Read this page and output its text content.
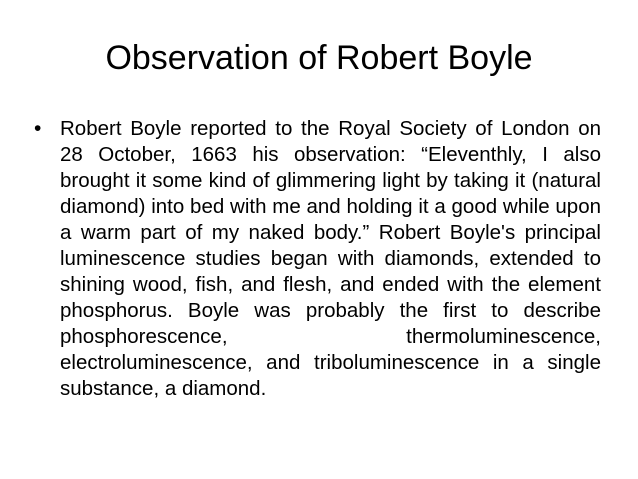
Observation of Robert Boyle
• Robert Boyle reported to the Royal Society of London on 28 October, 1663 his observation: “Eleventhly, I also brought it some kind of glimmering light by taking it (natural diamond) into bed with me and holding it a good while upon a warm part of my naked body.” Robert Boyle's principal luminescence studies began with diamonds, extended to shining wood, fish, and flesh, and ended with the element phosphorus. Boyle was probably the first to describe phosphorescence, thermoluminescence, electroluminescence, and triboluminescence in a single substance, a diamond.
